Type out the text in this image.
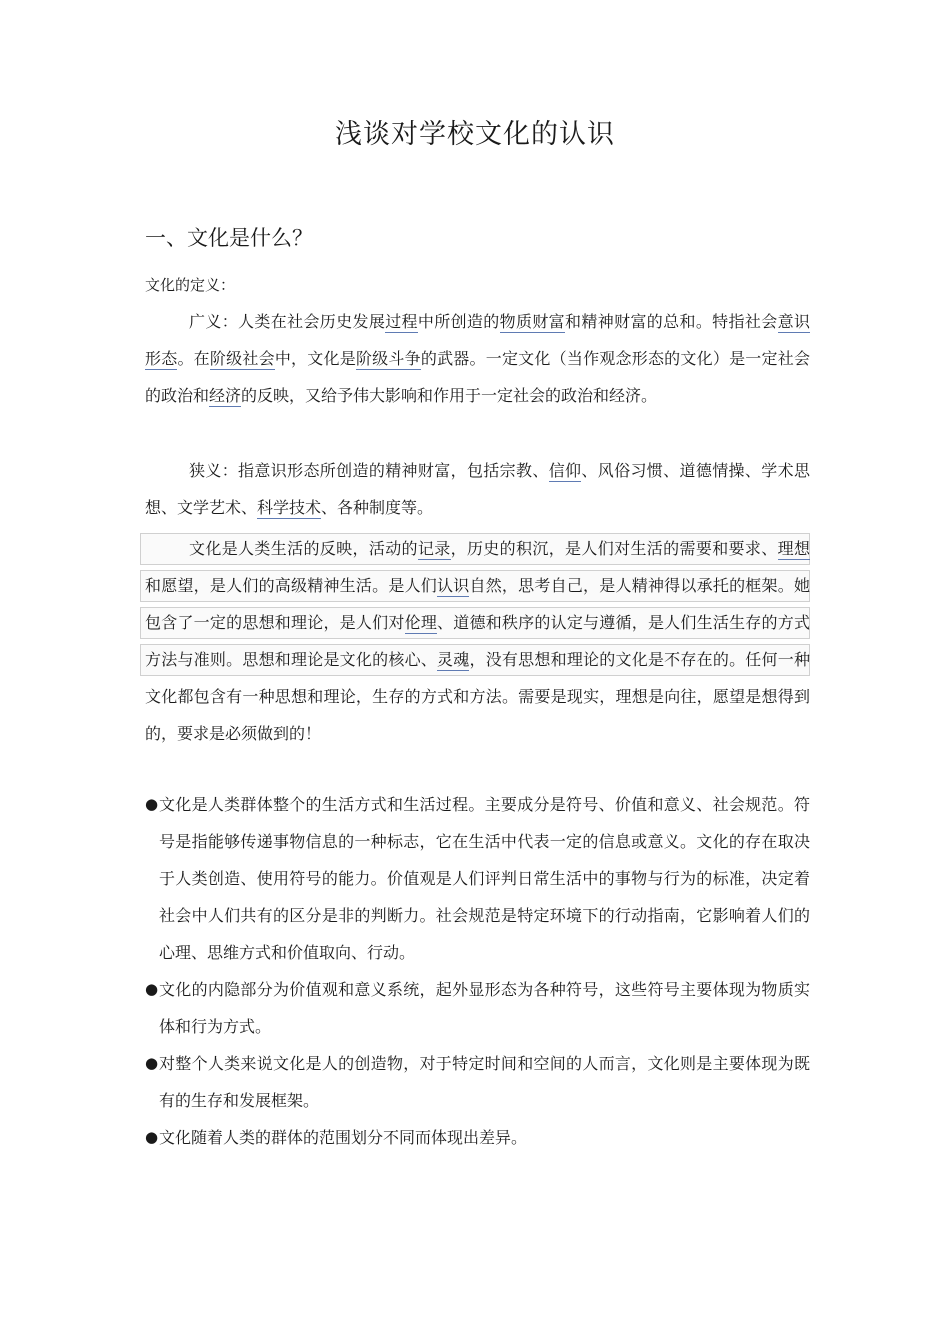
浅谈对学校文化的认识
一、文化是什么？
文化的定义：
广义：人类在社会历史发展过程中所创造的物质财富和精神财富的总和。特指社会意识形态。在阶级社会中，文化是阶级斗争的武器。一定文化（当作观念形态的文化）是一定社会的政治和经济的反映，又给予伟大影响和作用于一定社会的政治和经济。
狭义：指意识形态所创造的精神财富，包括宗教、信仰、风俗习惯、道德情操、学术思想、文学艺术、科学技术、各种制度等。
文化是人类生活的反映，活动的记录，历史的积沉，是人们对生活的需要和要求、理想和愿望，是人们的高级精神生活。是人们认识自然，思考自己，是人精神得以承托的框架。她包含了一定的思想和理论，是人们对伦理、道德和秩序的认定与遵循，是人们生活生存的方式方法与准则。思想和理论是文化的核心、灵魂，没有思想和理论的文化是不存在的。任何一种文化都包含有一种思想和理论，生存的方式和方法。需要是现实，理想是向往，愿望是想得到的，要求是必须做到的！
● 文化是人类群体整个的生活方式和生活过程。主要成分是符号、价值和意义、社会规范。符号是指能够传递事物信息的一种标志，它在生活中代表一定的信息或意义。文化的存在取决于人类创造、使用符号的能力。价值观是人们评判日常生活中的事物与行为的标准，决定着社会中人们共有的区分是非的判断力。社会规范是特定环境下的行动指南，它影响着人们的心理、思维方式和价值取向、行动。
● 文化的内隐部分为价值观和意义系统，起外显形态为各种符号，这些符号主要体现为物质实体和行为方式。
● 对整个人类来说文化是人的创造物，对于特定时间和空间的人而言，文化则是主要体现为既有的生存和发展框架。
● 文化随着人类的群体的范围划分不同而体现出差异。
